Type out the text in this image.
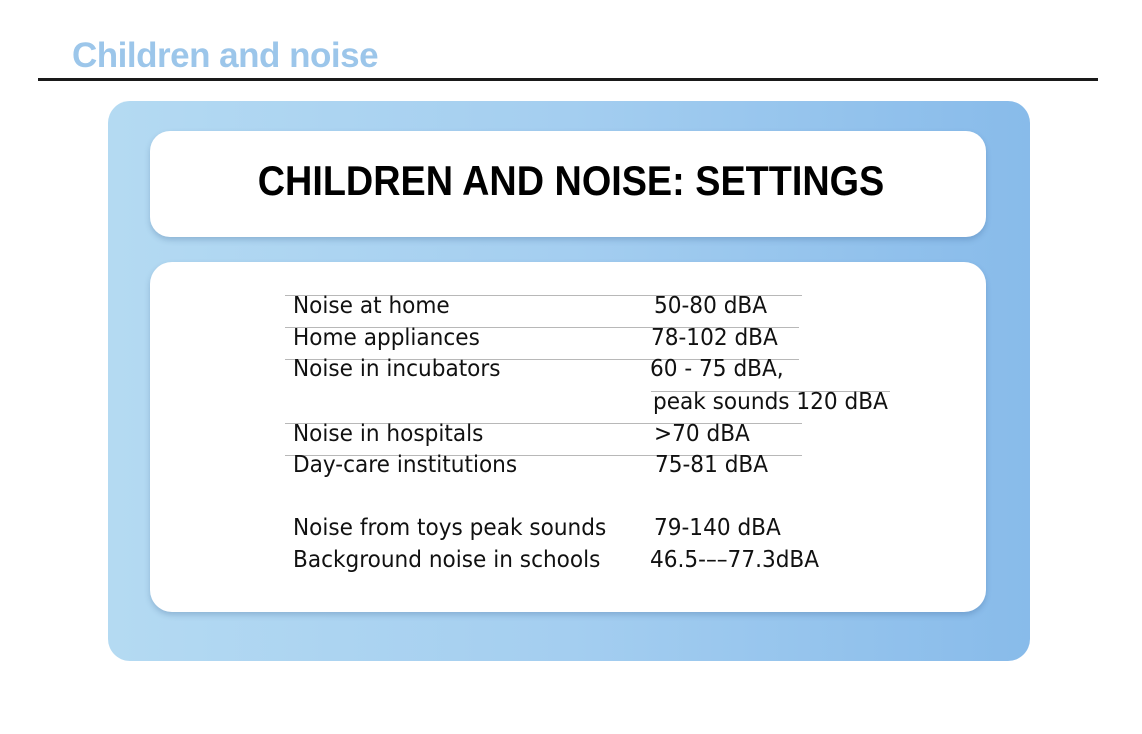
Children and noise
CHILDREN AND NOISE: SETTINGS
Noise at home	50-80 dBA
Home appliances	78-102 dBA
Noise in incubators	60 - 75 dBA,
peak sounds 120 dBA
Noise in hospitals	>70 dBA
Day-care institutions	75-81 dBA
Noise from toys peak sounds 79-140 dBA
Background noise in schools 46.5-––77.3dBA
